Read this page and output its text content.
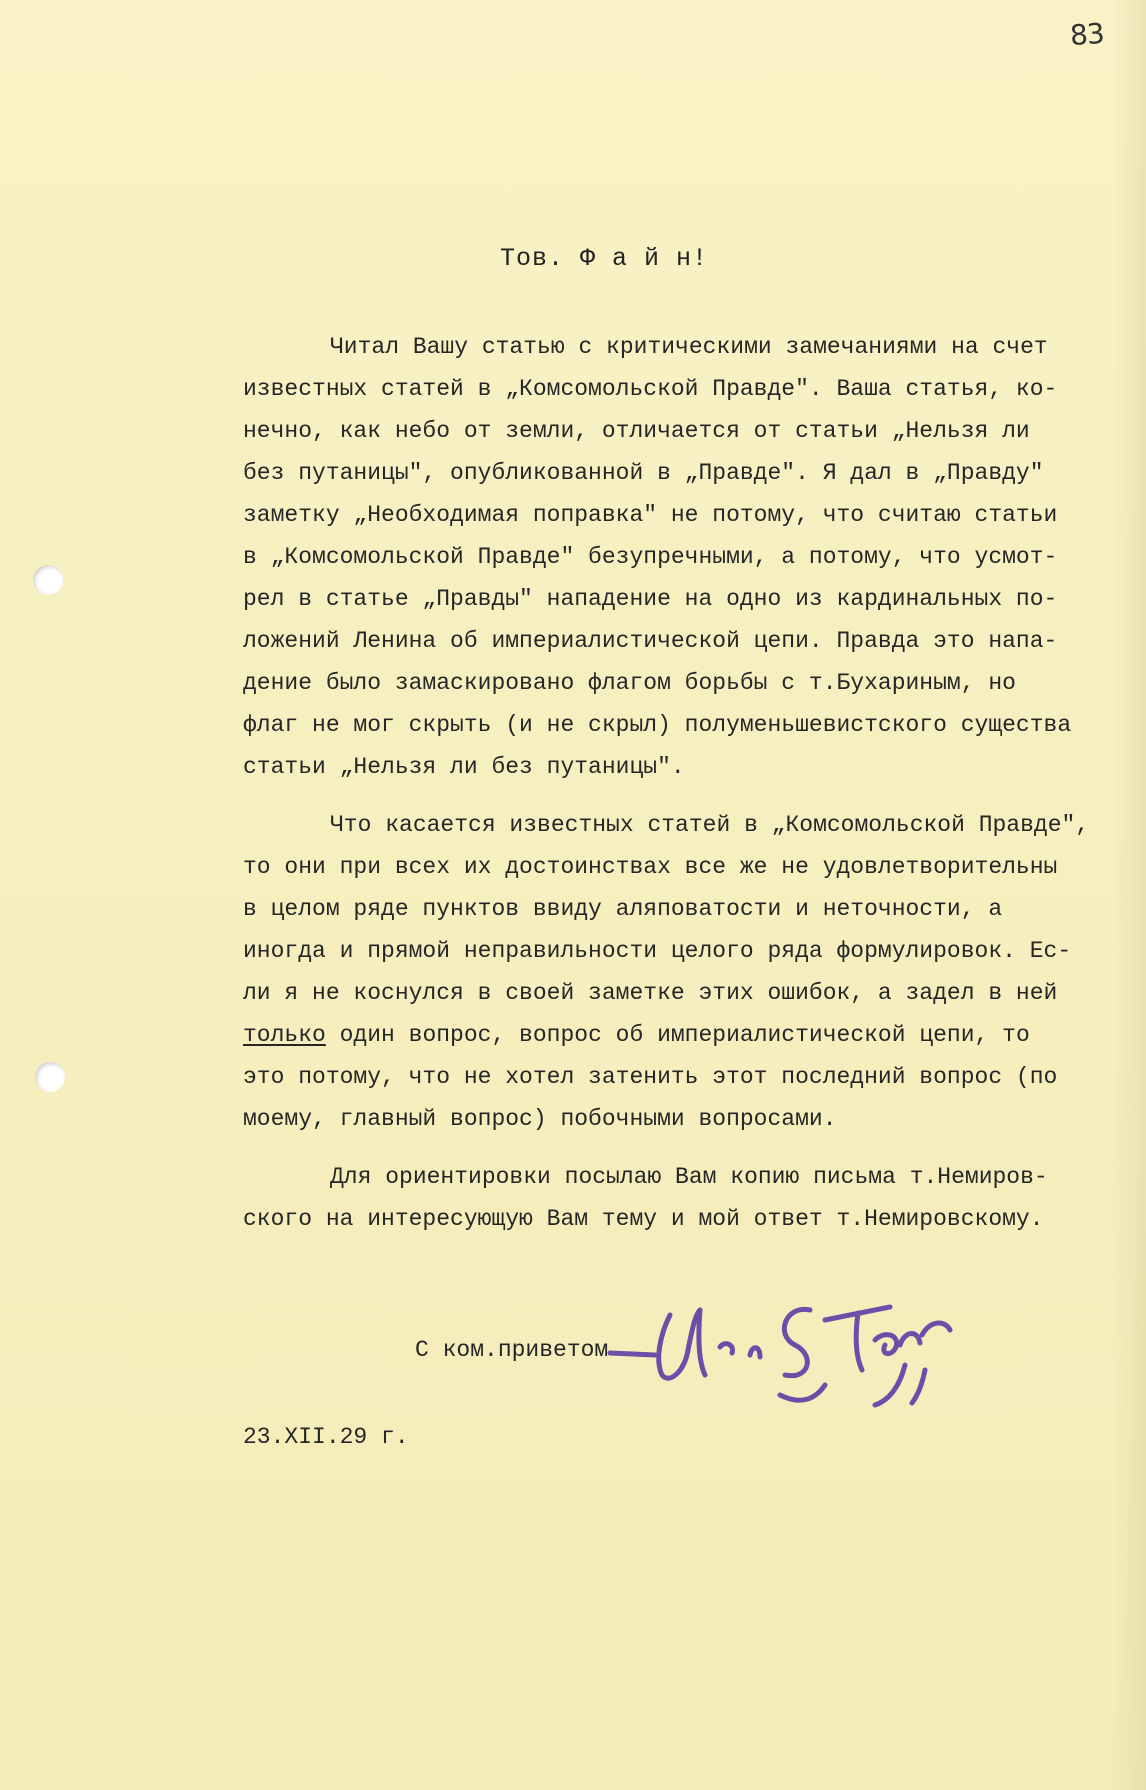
83
Тов. Ф а й н!
Читал Вашу статью с критическими замечаниями на счет
известных статей в „Комсомольской Правде". Ваша статья, ко-
нечно, как небо от земли, отличается от статьи „Нельзя ли
без путаницы", опубликованной в „Правде". Я дал в „Правду"
заметку „Необходимая поправка" не потому, что считаю статьи
в „Комсомольской Правде" безупречными, а потому, что усмот-
рел в статье „Правды" нападение на одно из кардинальных по-
ложений Ленина об империалистической цепи. Правда это напа-
дение было замаскировано флагом борьбы с т.Бухариным, но
флаг не мог скрыть (и не скрыл) полуменьшевистского существа
статьи „Нельзя ли без путаницы".
Что касается известных статей в „Комсомольской Правде",
то они при всех их достоинствах все же не удовлетворительны
в целом ряде пунктов ввиду аляповатости и неточности, а
иногда и прямой неправильности целого ряда формулировок. Ес-
ли я не коснулся в своей заметке этих ошибок, а задел в ней
только один вопрос, вопрос об империалистической цепи, то
это потому, что не хотел затенить этот последний вопрос (по
моему, главный вопрос) побочными вопросами.
Для ориентировки посылаю Вам копию письма т.Немиров-
ского на интересующую Вам тему и мой ответ т.Немировскому.
С ком.приветом
23.XII.29 г.
